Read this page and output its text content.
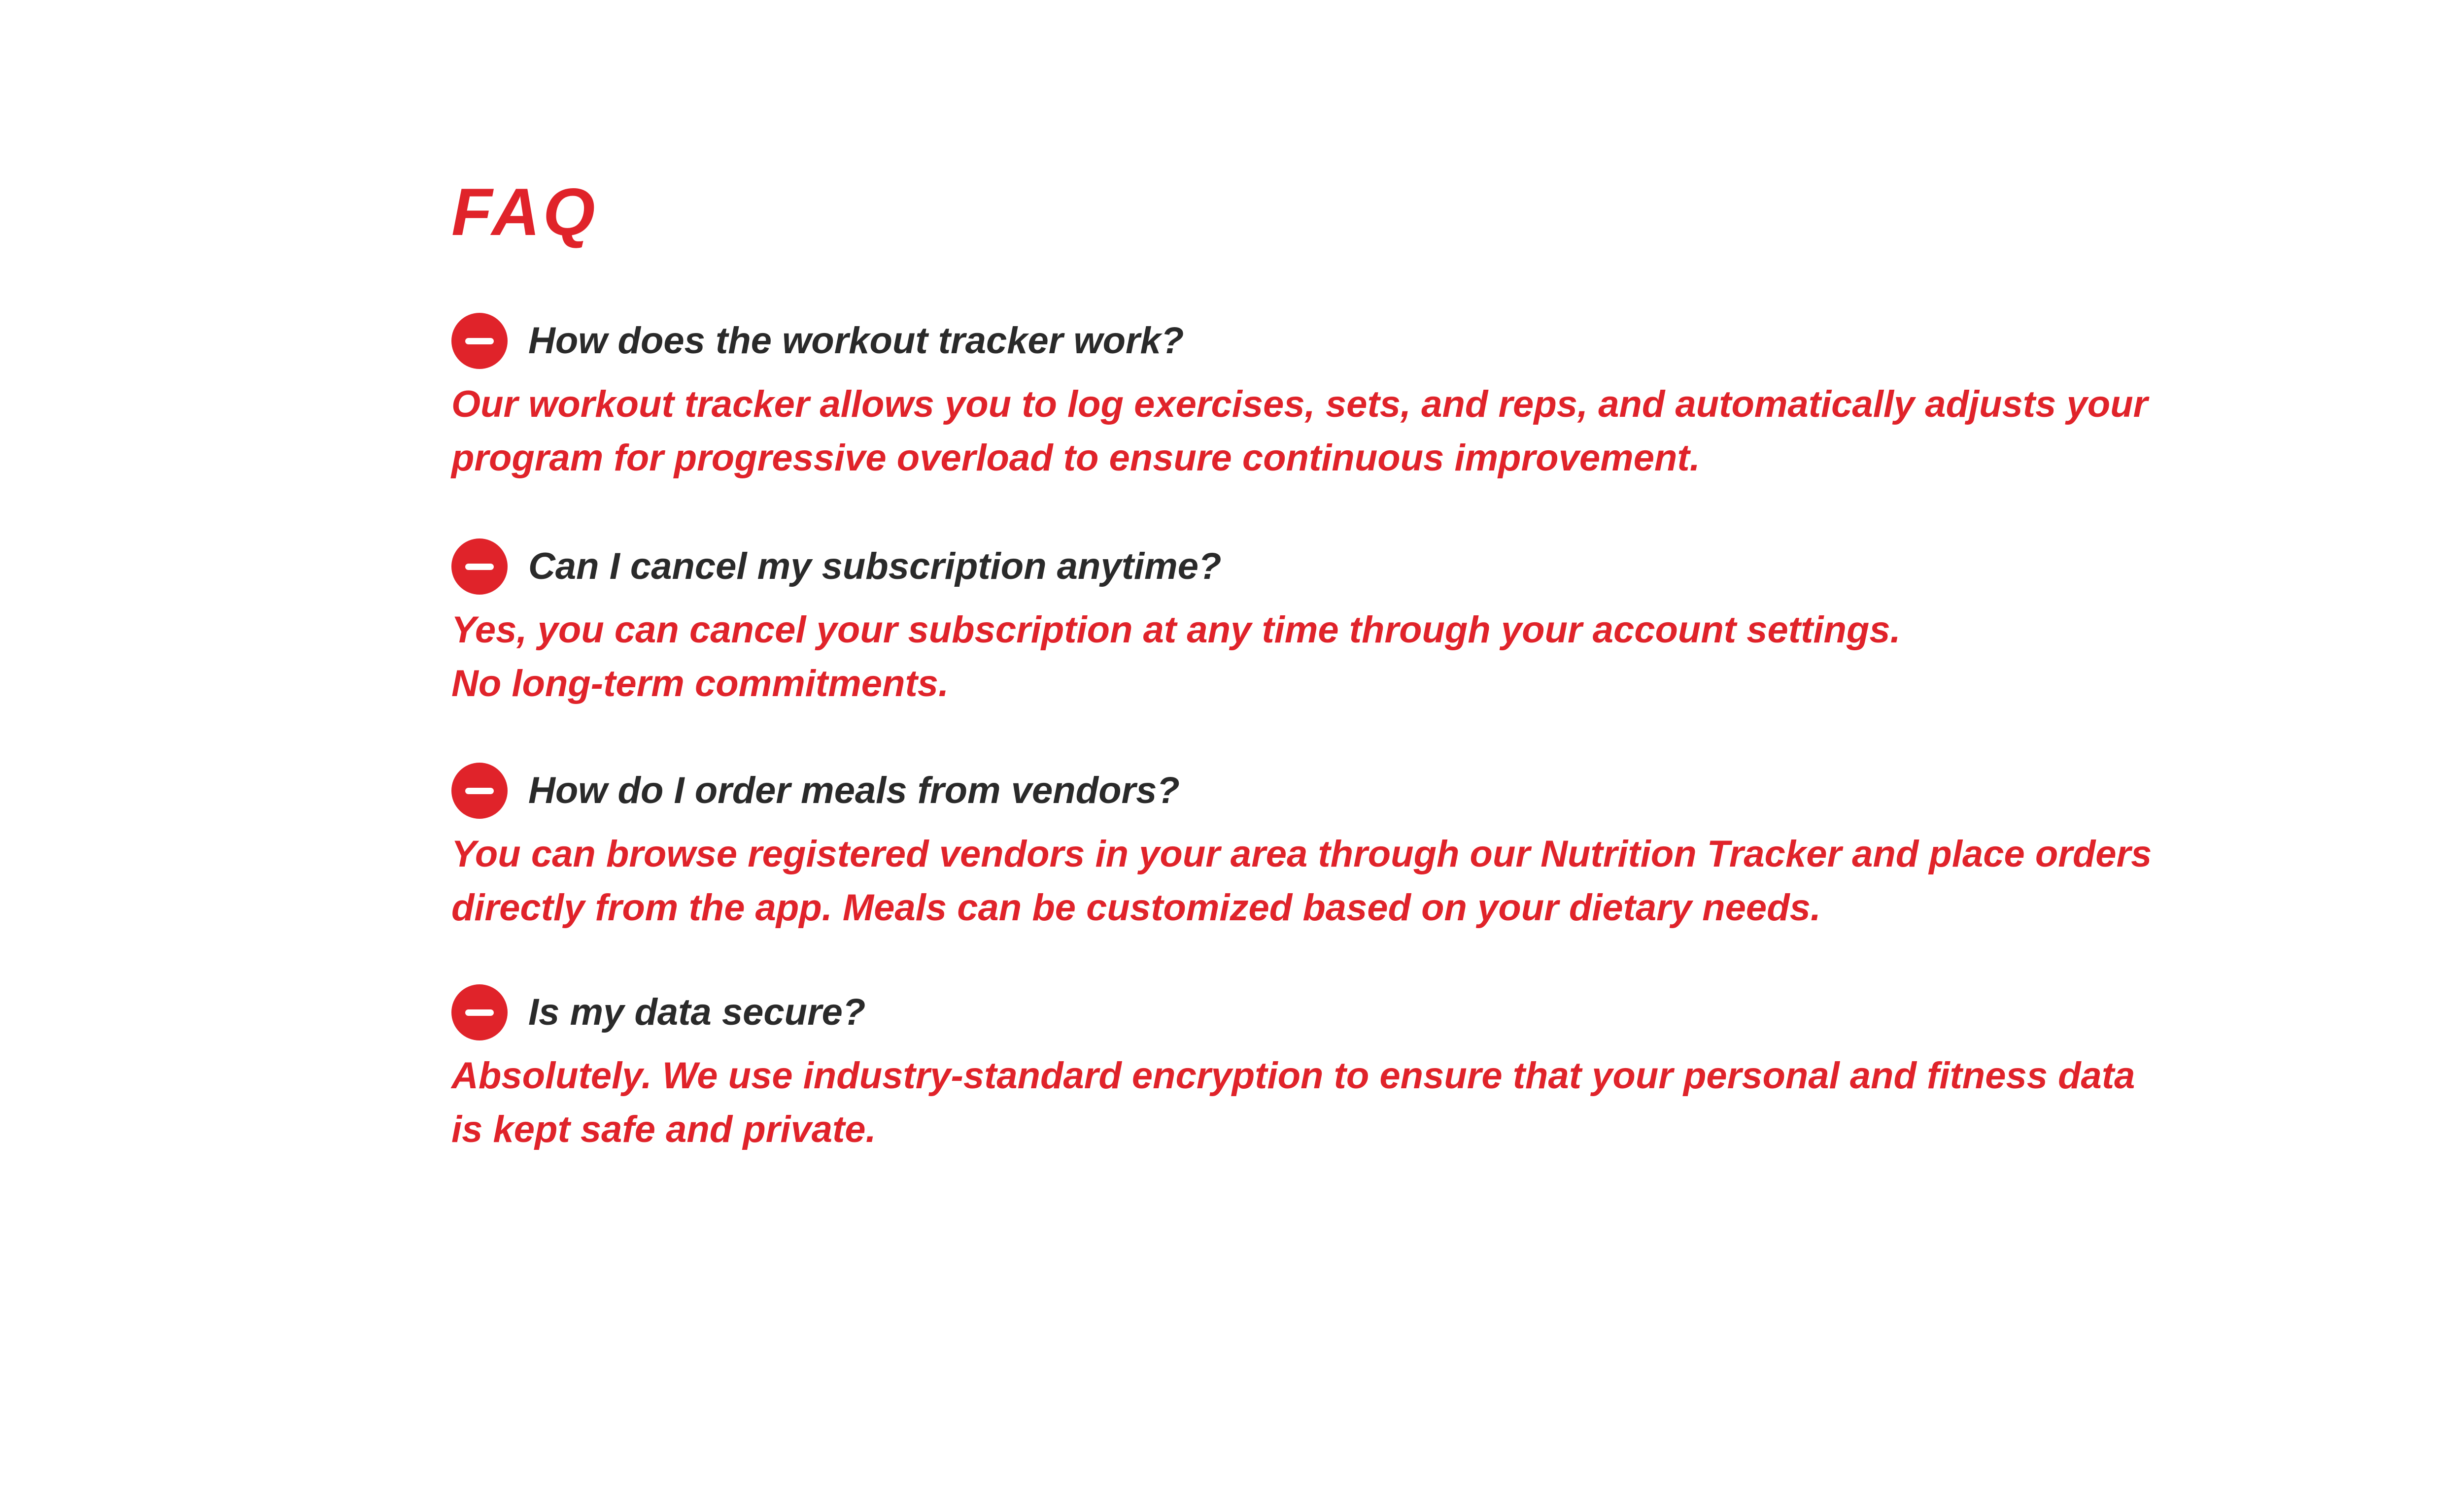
FAQ
How does the workout tracker work?
Our workout tracker allows you to log exercises, sets, and reps, and automatically adjusts your
program for progressive overload to ensure continuous improvement.
Can I cancel my subscription anytime?
Yes, you can cancel your subscription at any time through your account settings.
No long-term commitments.
How do I order meals from vendors?
You can browse registered vendors in your area through our Nutrition Tracker and place orders
directly from the app. Meals can be customized based on your dietary needs.
Is my data secure?
Absolutely. We use industry-standard encryption to ensure that your personal and fitness data
is kept safe and private.
